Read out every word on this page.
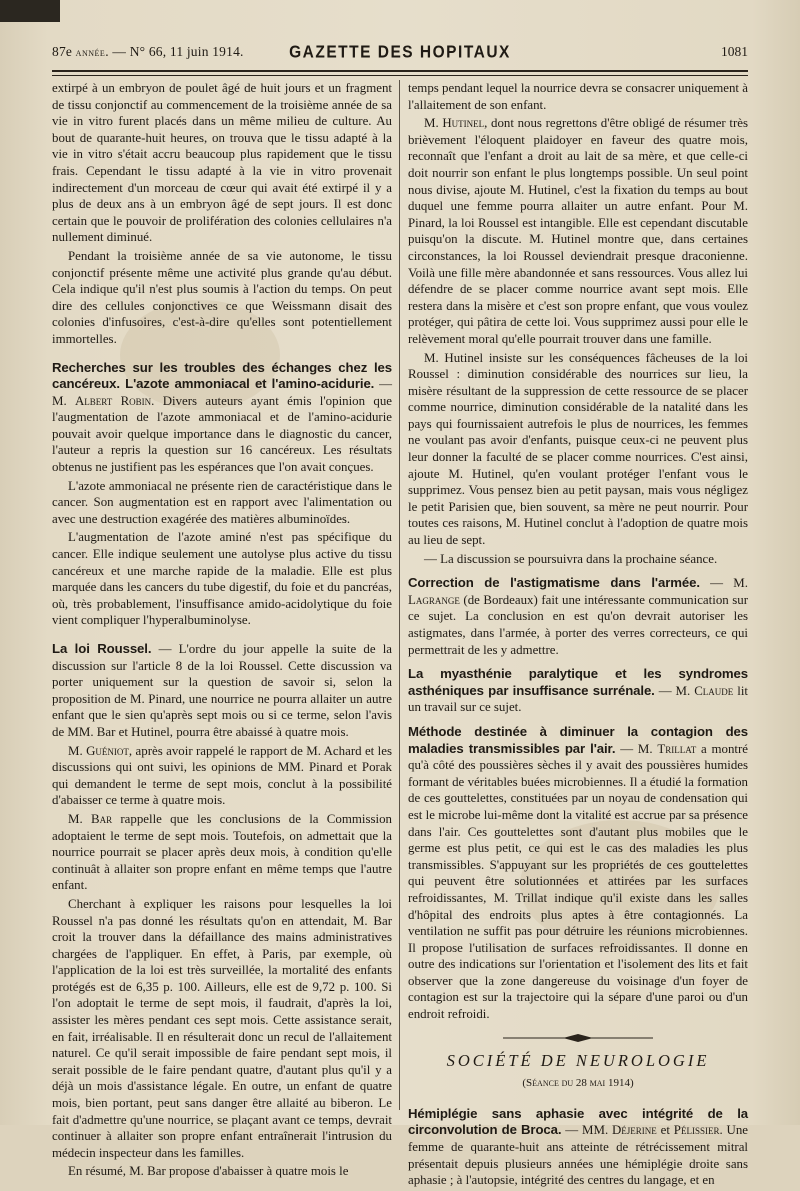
87e année. — N° 66, 11 juin 1914.	GAZETTE DES HOPITAUX	1081

extirpé à un embryon de poulet âgé de huit jours et un fragment de tissu conjonctif au commencement de la troisième année de sa vie in vitro furent placés dans un même milieu de culture. Au bout de quarante-huit heures, on trouva que le tissu adapté à la vie in vitro s'était accru beaucoup plus rapidement que le tissu frais. Cependant le tissu adapté à la vie in vitro provenait indirectement d'un morceau de cœur qui avait été extirpé il y a plus de deux ans à un embryon âgé de sept jours. Il est donc certain que le pouvoir de prolifération des colonies cellulaires n'a nullement diminué.

Pendant la troisième année de sa vie autonome, le tissu conjonctif présente même une activité plus grande qu'au début. Cela indique qu'il n'est plus soumis à l'action du temps. On peut dire des cellules conjonctives ce que Weissmann disait des colonies d'infusoires, c'est-à-dire qu'elles sont potentiellement immortelles.

Recherches sur les troubles des échanges chez les cancéreux. L'azote ammoniacal et l'amino-acidurie. — M. Albert Robin. Divers auteurs ayant émis l'opinion que l'augmentation de l'azote ammoniacal et de l'amino-acidurie pouvait avoir quelque importance dans le diagnostic du cancer, l'auteur a repris la question sur 16 cancéreux. Les résultats obtenus ne justifient pas les espérances que l'on avait conçues.

L'azote ammoniacal ne présente rien de caractéristique dans le cancer. Son augmentation est en rapport avec l'alimentation ou avec une destruction exagérée des matières albuminoïdes.

L'augmentation de l'azote aminé n'est pas spécifique du cancer. Elle indique seulement une autolyse plus active du tissu cancéreux et une marche rapide de la maladie. Elle est plus marquée dans les cancers du tube digestif, du foie et du pancréas, où, très probablement, l'insuffisance amido-acidolytique du foie vient compliquer l'hyperalbuminolyse.

La loi Roussel. — L'ordre du jour appelle la suite de la discussion sur l'article 8 de la loi Roussel. Cette discussion va porter uniquement sur la question de savoir si, selon la proposition de M. Pinard, une nourrice ne pourra allaiter un autre enfant que le sien qu'après sept mois ou si ce terme, selon l'avis de MM. Bar et Hutinel, pourra être abaissé à quatre mois.

M. Guéniot, après avoir rappelé le rapport de M. Achard et les discussions qui ont suivi, les opinions de MM. Pinard et Porak qui demandent le terme de sept mois, conclut à la possibilité d'abaisser ce terme à quatre mois.

M. Bar rappelle que les conclusions de la Commission adoptaient le terme de sept mois. Toutefois, on admettait que la nourrice pourrait se placer après deux mois, à condition qu'elle continuât à allaiter son propre enfant en même temps que l'autre enfant.

Cherchant à expliquer les raisons pour lesquelles la loi Roussel n'a pas donné les résultats qu'on en attendait, M. Bar croit la trouver dans la défaillance des mains administratives chargées de l'appliquer. En effet, à Paris, par exemple, où l'application de la loi est très surveillée, la mortalité des enfants protégés est de 6,35 p. 100. Ailleurs, elle est de 9,72 p. 100. Si l'on adoptait le terme de sept mois, il faudrait, d'après la loi, assister les mères pendant ces sept mois. Cette assistance serait, en fait, irréalisable. Il en résulterait donc un recul de l'allaitement naturel. Ce qu'il serait impossible de faire pendant sept mois, il serait possible de le faire pendant quatre, d'autant plus qu'il y a déjà un mois d'assistance légale. En outre, un enfant de quatre mois, bien portant, peut sans danger être allaité au biberon. Le fait d'admettre qu'une nourrice, se plaçant avant ce temps, devrait continuer à allaiter son propre enfant entraînerait l'intrusion du médecin inspecteur dans les familles.

En résumé, M. Bar propose d'abaisser à quatre mois le

temps pendant lequel la nourrice devra se consacrer uniquement à l'allaitement de son enfant.

M. Hutinel, dont nous regrettons d'être obligé de résumer très brièvement l'éloquent plaidoyer en faveur des quatre mois, reconnaît que l'enfant a droit au lait de sa mère, et que celle-ci doit nourrir son enfant le plus longtemps possible. Un seul point nous divise, ajoute M. Hutinel, c'est la fixation du temps au bout duquel une femme pourra allaiter un autre enfant. Pour M. Pinard, la loi Roussel est intangible. Elle est cependant discutable puisqu'on la discute. M. Hutinel montre que, dans certaines circonstances, la loi Roussel deviendrait presque draconienne. Voilà une fille mère abandonnée et sans ressources. Vous allez lui défendre de se placer comme nourrice avant sept mois. Elle restera dans la misère et c'est son propre enfant, que vous voulez protéger, qui pâtira de cette loi. Vous supprimez aussi pour elle le relèvement moral qu'elle pourrait trouver dans une famille.

M. Hutinel insiste sur les conséquences fâcheuses de la loi Roussel : diminution considérable des nourrices sur lieu, la misère résultant de la suppression de cette ressource de se placer comme nourrice, diminution considérable de la natalité dans les pays qui fournissaient autrefois le plus de nourrices, les femmes ne voulant pas avoir d'enfants, puisque ceux-ci ne peuvent plus leur donner la faculté de se placer comme nourrices. C'est ainsi, ajoute M. Hutinel, qu'en voulant protéger l'enfant vous le supprimez. Vous pensez bien au petit paysan, mais vous négligez le petit Parisien que, bien souvent, sa mère ne peut nourrir. Pour toutes ces raisons, M. Hutinel conclut à l'adoption de quatre mois au lieu de sept.

— La discussion se poursuivra dans la prochaine séance.

Correction de l'astigmatisme dans l'armée. — M. Lagrange (de Bordeaux) fait une intéressante communication sur ce sujet. La conclusion en est qu'on devrait autoriser les astigmates, dans l'armée, à porter des verres correcteurs, ce qui permettrait de les y admettre.

La myasthénie paralytique et les syndromes asthéniques par insuffisance surrénale. — M. Claude lit un travail sur ce sujet.

Méthode destinée à diminuer la contagion des maladies transmissibles par l'air. — M. Trillat a montré qu'à côté des poussières sèches il y avait des poussières humides formant de véritables buées microbiennes. Il a étudié la formation de ces gouttelettes, constituées par un noyau de condensation qui est le microbe lui-même dont la vitalité est accrue par sa présence dans l'air. Ces gouttelettes sont d'autant plus mobiles que le germe est plus petit, ce qui est le cas des maladies les plus transmissibles. S'appuyant sur les propriétés de ces gouttelettes qui peuvent être solutionnées et attirées par les surfaces refroidissantes, M. Trillat indique qu'il existe dans les salles d'hôpital des endroits plus aptes à être contagionnés. La ventilation ne suffit pas pour détruire les réunions microbiennes. Il propose l'utilisation de surfaces refroidissantes. Il donne en outre des indications sur l'orientation et l'isolement des lits et fait observer que la zone dangereuse du voisinage d'un foyer de contagion est sur la trajectoire qui la sépare d'une paroi ou d'un endroit refroidi.

SOCIÉTÉ DE NEUROLOGIE
(Séance du 28 mai 1914)

Hémiplégie sans aphasie avec intégrité de la circonvolution de Broca. — MM. Déjerine et Pélissier. Une femme de quarante-huit ans atteinte de rétrécissement mitral présentait depuis plusieurs années une hémiplégie droite sans aphasie ; à l'autopsie, intégrité des centres du langage, et en
